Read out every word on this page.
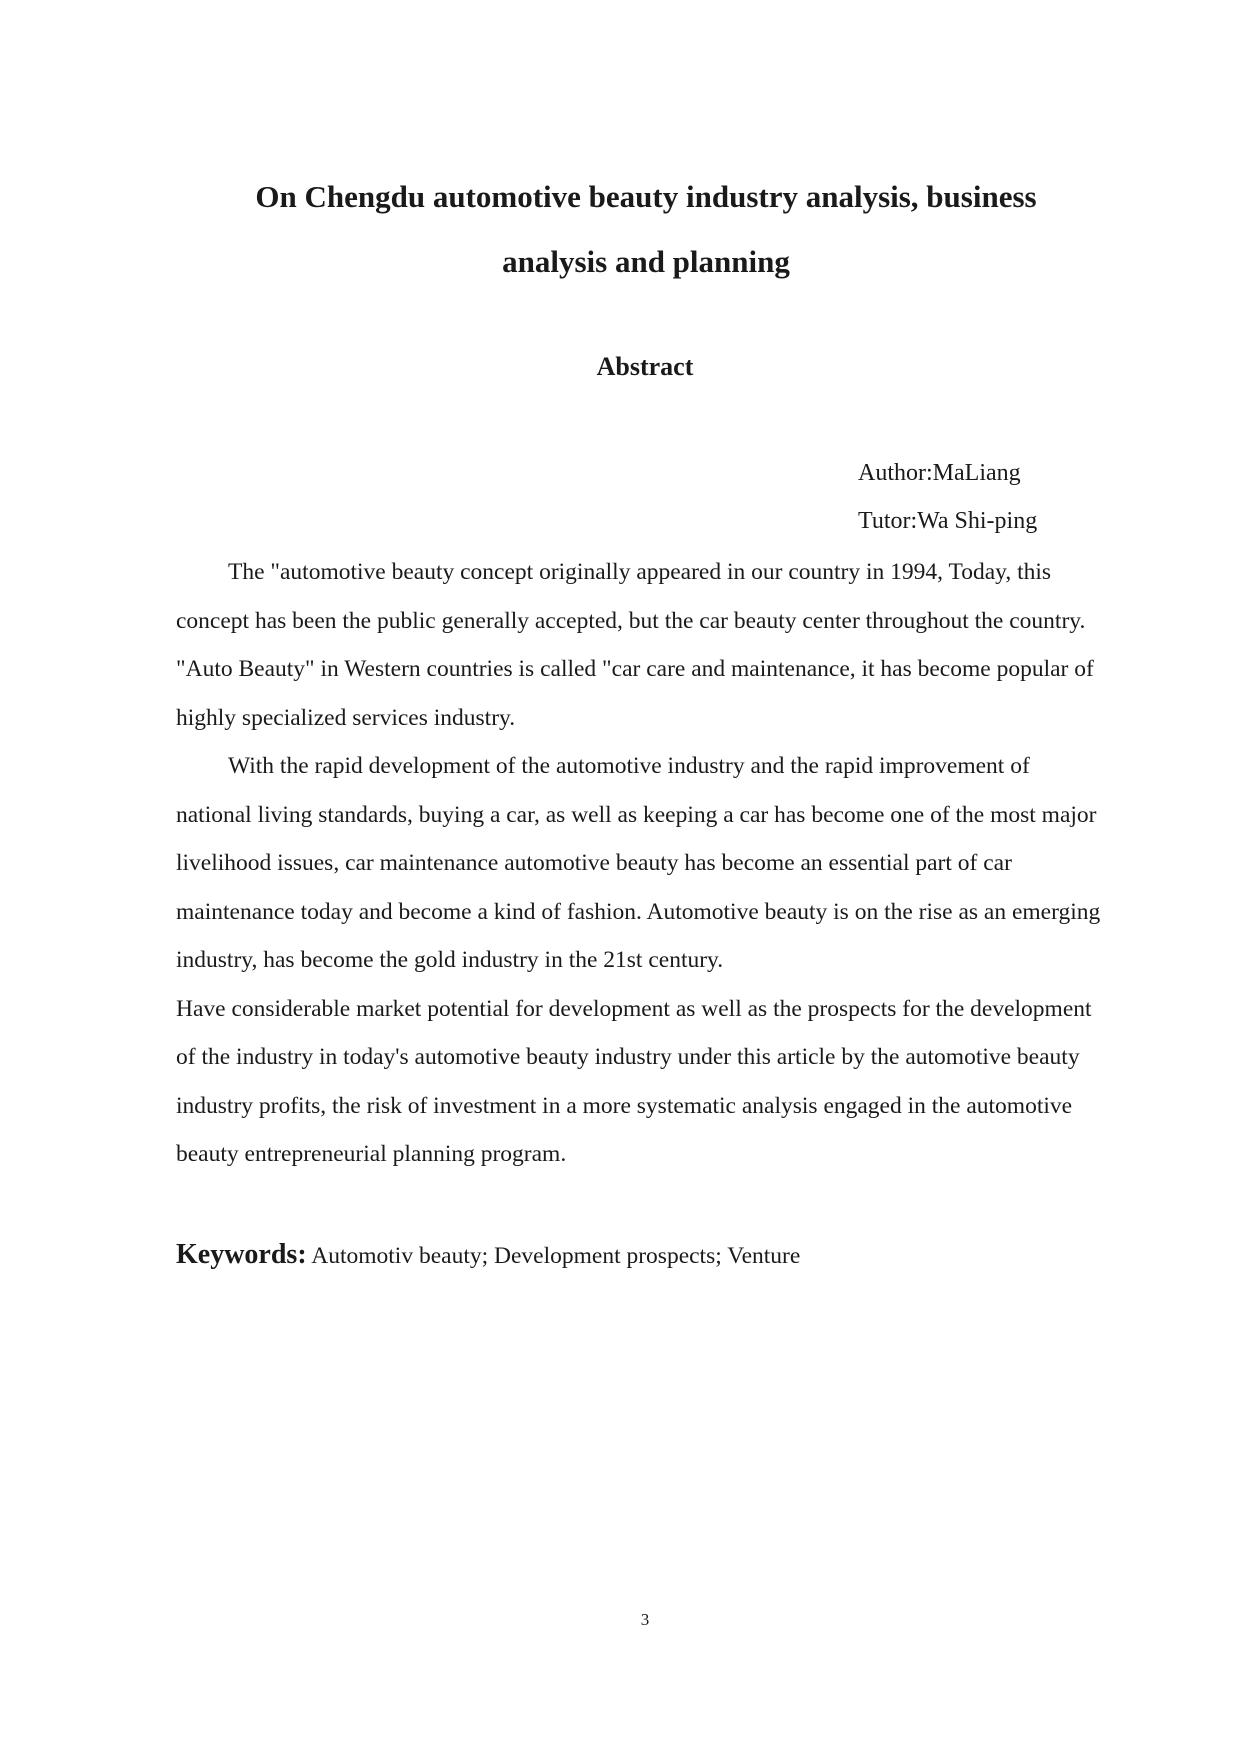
On Chengdu automotive beauty industry analysis, business
analysis and planning
Abstract

Author:MaLiang

Tutor:Wa Shi-ping

The "automotive beauty concept originally appeared in our country in 1994, Today, this concept has been the public generally accepted, but the car beauty center throughout the country. "Auto Beauty" in Western countries is called "car care and maintenance, it has become popular of highly specialized services industry.

With the rapid development of the automotive industry and the rapid improvement of national living standards, buying a car, as well as keeping a car has become one of the most major livelihood issues, car maintenance automotive beauty has become an essential part of car maintenance today and become a kind of fashion. Automotive beauty is on the rise as an emerging industry, has become the gold industry in the 21st century.

Have considerable market potential for development as well as the prospects for the development of the industry in today's automotive beauty industry under this article by the automotive beauty industry profits, the risk of investment in a more systematic analysis engaged in the automotive beauty entrepreneurial planning program.

Keywords: Automotiv beauty; Development prospects; Venture

3
